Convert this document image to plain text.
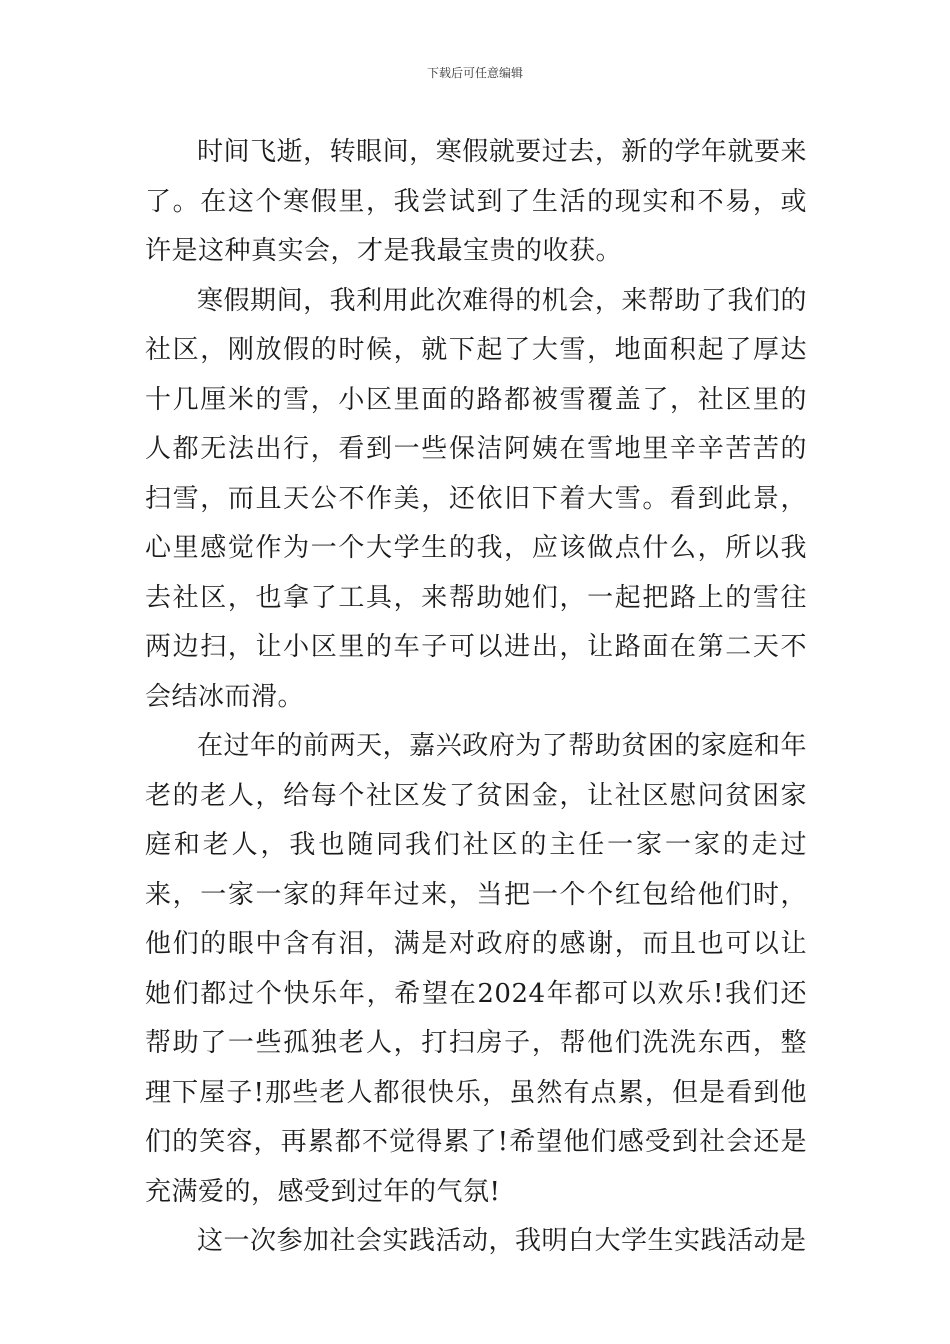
下载后可任意编辑

时间飞逝，转眼间，寒假就要过去，新的学年就要来了。在这个寒假里，我尝试到了生活的现实和不易，或许是这种真实会，才是我最宝贵的收获。

寒假期间，我利用此次难得的机会，来帮助了我们的社区，刚放假的时候，就下起了大雪，地面积起了厚达十几厘米的雪，小区里面的路都被雪覆盖了，社区里的人都无法出行，看到一些保洁阿姨在雪地里辛辛苦苦的扫雪，而且天公不作美，还依旧下着大雪。看到此景，心里感觉作为一个大学生的我，应该做点什么，所以我去社区，也拿了工具，来帮助她们，一起把路上的雪往两边扫，让小区里的车子可以进出，让路面在第二天不会结冰而滑。

在过年的前两天，嘉兴政府为了帮助贫困的家庭和年老的老人，给每个社区发了贫困金，让社区慰问贫困家庭和老人，我也随同我们社区的主任一家一家的走过来，一家一家的拜年过来，当把一个个红包给他们时，他们的眼中含有泪，满是对政府的感谢，而且也可以让她们都过个快乐年，希望在2024年都可以欢乐!我们还帮助了一些孤独老人，打扫房子，帮他们洗洗东西，整理下屋子!那些老人都很快乐，虽然有点累，但是看到他们的笑容，再累都不觉得累了!希望他们感受到社会还是充满爱的，感受到过年的气氛!

这一次参加社会实践活动，我明白大学生实践活动是
